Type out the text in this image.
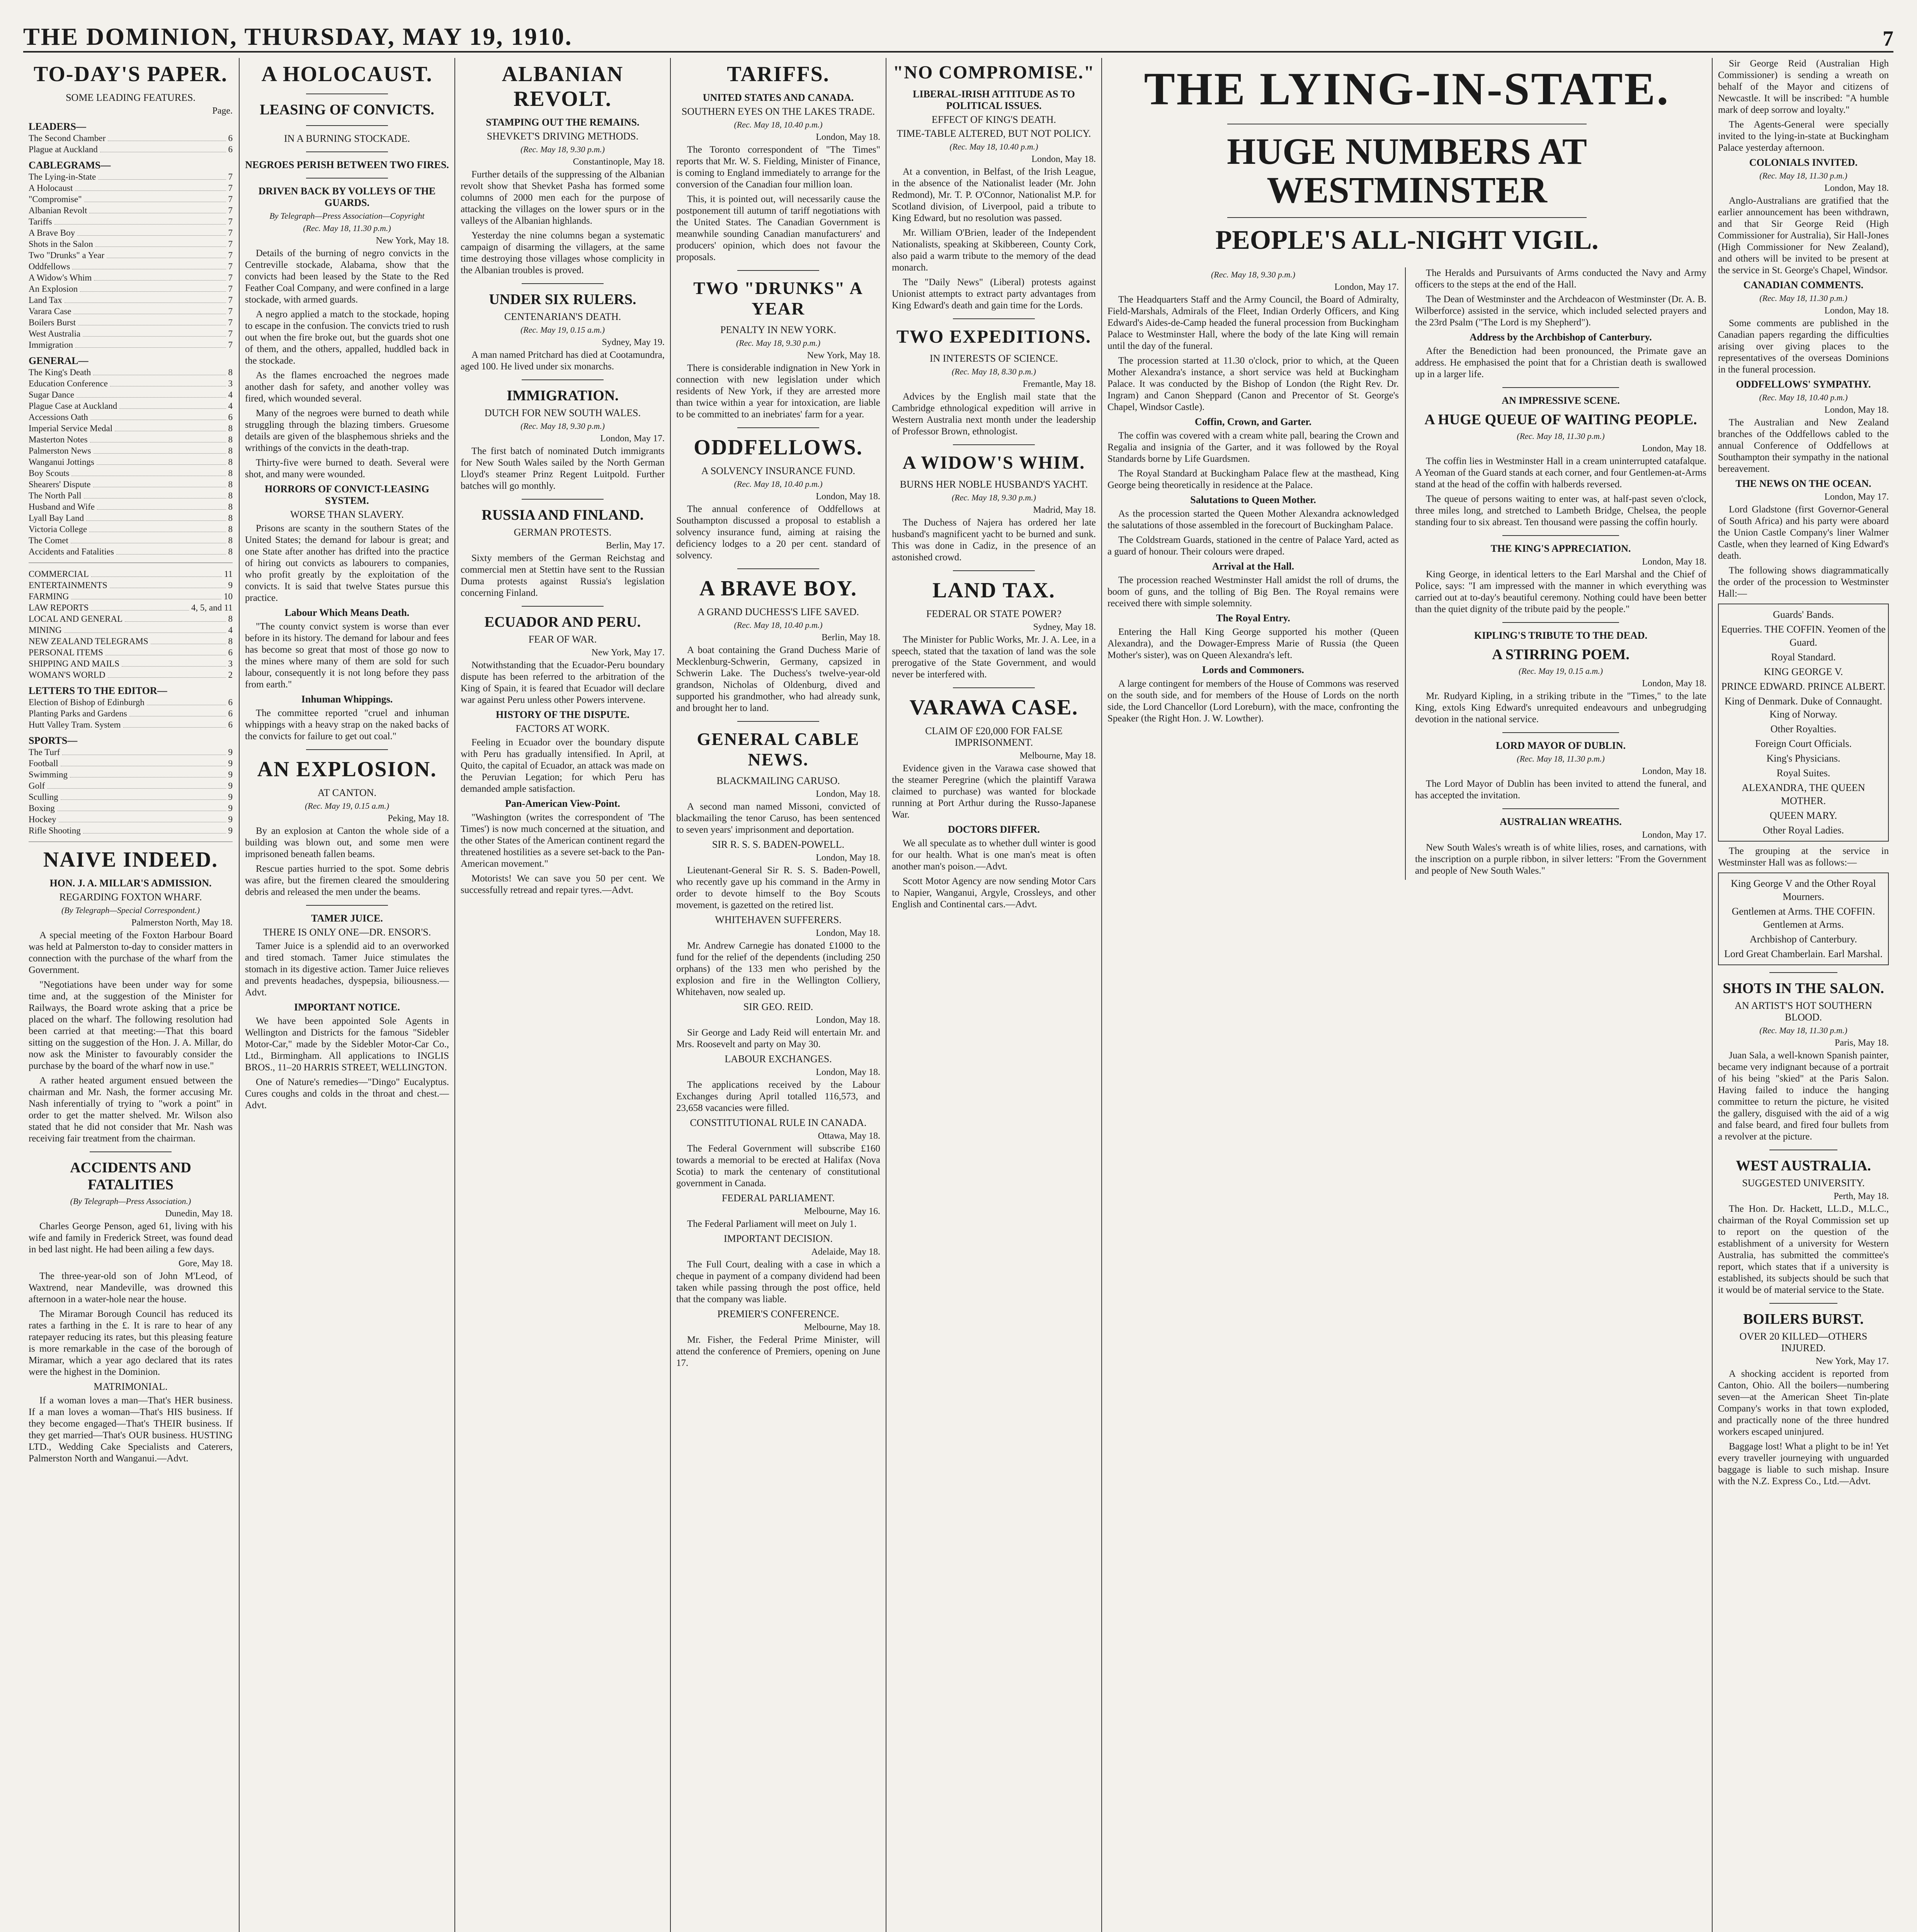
THE DOMINION, THURSDAY, MAY 19, 1910.	7
TO-DAY'S PAPER.
SOME LEADING FEATURES.
Page.
LEADERS—
The Second Chamber	6
Plague at Auckland	6
CABLEGRAMS—
The Lying-in-State	7
A Holocaust	7
"Compromise"	7
Albanian Revolt	7
Tariffs	7
A Brave Boy	7
Shots in the Salon	7
Two "Drunks" a Year	7
Oddfellows	7
A Widow's Whim	7
An Explosion	7
Land Tax	7
Varara Case	7
Boilers Burst	7
West Australia	7
Immigration	7
GENERAL—
The King's Death	8
Education Conference	3
Sugar Dance	4
Plague Case at Auckland	4
Accessions Oath	6
Imperial Service Medal	8
Masterton Notes	8
Palmerston News	8
Wanganui Jottings	8
Boy Scouts	8
Shearers' Dispute	8
The North Pall	8
Husband and Wife	8
Lyall Bay Land	8
Victoria College	8
The Comet	8
Accidents and Fatalities	8
COMMERCIAL	11
ENTERTAINMENTS	9
FARMING	10
LAW REPORTS	4, 5, and 11
LOCAL AND GENERAL	8
MINING	4
NEW ZEALAND TELEGRAMS	8
PERSONAL ITEMS	6
SHIPPING AND MAILS	3
WOMAN'S WORLD	2
LETTERS TO THE EDITOR—
Election of Bishop of Edinburgh	6
Planting Parks and Gardens	6
Hutt Valley Tram. System	6
SPORTS—
The Turf	9
Football	9
Swimming	9
Golf	9
Sculling	9
Boxing	9
Hockey	9
Rifle Shooting	9
NAIVE INDEED.
HON. J. A. MILLAR'S ADMISSION.
REGARDING FOXTON WHARF.
(By Telegraph—Special Correspondent.)
Palmerston North, May 18.

A special meeting of the Foxton Harbour Board was held at Palmerston to-day to consider matters in connection with the purchase of the wharf from the Government.

"Negotiations have been under way for some time and, at the suggestion of the Minister for Railways, the Board wrote asking that a price be placed on the wharf. The following resolution had been carried at that meeting:—That this board sitting on the suggestion of the Hon. J. A. Millar, do now ask the Minister to favourably consider the purchase by the board of the wharf now in use."

A rather heated argument ensued between the chairman and Mr. Nash, the former accusing Mr. Nash inferentially of trying to "work a point" in order to get the matter shelved. Mr. Wilson also stated that he did not consider that Mr. Nash was receiving fair treatment from the chairman.

ACCIDENTS AND FATALITIES
(By Telegraph—Press Association.)
Dunedin, May 18.

Charles George Penson, aged 61, living with his wife and family in Frederick Street, was found dead in bed last night. He had been ailing a few days.

Gore, May 18.

The three-year-old son of John M'Leod, of Waxtrend, near Mandeville, was drowned this afternoon in a water-hole near the house.

The Miramar Borough Council has reduced its rates a farthing in the £. It is rare to hear of any ratepayer reducing its rates, but this pleasing feature is more remarkable in the case of the borough of Miramar, which a year ago declared that its rates were the highest in the Dominion.

MATRIMONIAL.

If a woman loves a man—That's HER business. If a man loves a woman—That's HIS business. If they become engaged—That's THEIR business. If they get married—That's OUR business. HUSTING LTD., Wedding Cake Specialists and Caterers, Palmerston North and Wanganui.—Advt.

A HOLOCAUST.
LEASING OF CONVICTS.
IN A BURNING STOCKADE.
NEGROES PERISH BETWEEN TWO FIRES.
DRIVEN BACK BY VOLLEYS OF THE GUARDS.
By Telegraph—Press Association—Copyright
(Rec. May 18, 11.30 p.m.)
New York, May 18.

Details of the burning of negro convicts in the Centreville stockade, Alabama, show that the convicts had been leased by the State to the Red Feather Coal Company, and were confined in a large stockade, with armed guards.

A negro applied a match to the stockade, hoping to escape in the confusion. The convicts tried to rush out when the fire broke out, but the guards shot one of them, and the others, appalled, huddled back in the stockade.

As the flames encroached the negroes made another dash for safety, and another volley was fired, which wounded several.

Many of the negroes were burned to death while struggling through the blazing timbers. Gruesome details are given of the blasphemous shrieks and the writhings of the convicts in the death-trap.

Thirty-five were burned to death. Several were shot, and many were wounded.

HORRORS OF CONVICT-LEASING SYSTEM.
WORSE THAN SLAVERY.

Prisons are scanty in the southern States of the United States; the demand for labour is great; and one State after another has drifted into the practice of hiring out convicts as labourers to companies, who profit greatly by the exploitation of the convicts. It is said that twelve States pursue this practice.

Labour Which Means Death.

"The county convict system is worse than ever before in its history. The demand for labour and fees has become so great that most of those go now to the mines where many of them are sold for such labour, consequently it is not long before they pass from earth."

Inhuman Whippings.

The committee reported "cruel and inhuman whippings with a heavy strap on the naked backs of the convicts for failure to get out coal."

AN EXPLOSION.
AT CANTON.
(Rec. May 19, 0.15 a.m.)
Peking, May 18.

By an explosion at Canton the whole side of a building was blown out, and some men were imprisoned beneath fallen beams.

Rescue parties hurried to the spot. Some debris was afire, but the firemen cleared the smouldering debris and released the men under the beams.

TAMER JUICE.
THERE IS ONLY ONE—DR. ENSOR'S.

Tamer Juice is a splendid aid to an overworked and tired stomach. Tamer Juice stimulates the stomach in its digestive action. Tamer Juice relieves and prevents headaches, dyspepsia, biliousness.—Advt.

IMPORTANT NOTICE.

We have been appointed Sole Agents in Wellington and Districts for the famous "Sidebler Motor-Car," made by the Sidebler Motor-Car Co., Ltd., Birmingham. All applications to INGLIS BROS., 11–20 HARRIS STREET, WELLINGTON.

One of Nature's remedies—"Dingo" Eucalyptus. Cures coughs and colds in the throat and chest.—Advt.

ALBANIAN REVOLT.
STAMPING OUT THE REMAINS.
SHEVKET'S DRIVING METHODS.
(Rec. May 18, 9.30 p.m.)
Constantinople, May 18.

Further details of the suppressing of the Albanian revolt show that Shevket Pasha has formed some columns of 2000 men each for the purpose of attacking the villages on the lower spurs or in the valleys of the Albanian highlands.

Yesterday the nine columns began a systematic campaign of disarming the villagers, at the same time destroying those villages whose complicity in the Albanian troubles is proved.

UNDER SIX RULERS.
CENTENARIAN'S DEATH.
(Rec. May 19, 0.15 a.m.)
Sydney, May 19.

A man named Pritchard has died at Cootamundra, aged 100. He lived under six monarchs.

IMMIGRATION.
DUTCH FOR NEW SOUTH WALES.
(Rec. May 18, 9.30 p.m.)
London, May 17.

The first batch of nominated Dutch immigrants for New South Wales sailed by the North German Lloyd's steamer Prinz Regent Luitpold. Further batches will go monthly.

RUSSIA AND FINLAND.
GERMAN PROTESTS.
Berlin, May 17.

Sixty members of the German Reichstag and commercial men at Stettin have sent to the Russian Duma protests against Russia's legislation concerning Finland.

ECUADOR AND PERU.
FEAR OF WAR.
New York, May 17.

Notwithstanding that the Ecuador-Peru boundary dispute has been referred to the arbitration of the King of Spain, it is feared that Ecuador will declare war against Peru unless other Powers intervene.

HISTORY OF THE DISPUTE.
FACTORS AT WORK.

Feeling in Ecuador over the boundary dispute with Peru has gradually intensified. In April, at Quito, the capital of Ecuador, an attack was made on the Peruvian Legation; for which Peru has demanded ample satisfaction.

Pan-American View-Point.

"Washington (writes the correspondent of 'The Times') is now much concerned at the situation, and the other States of the American continent regard the threatened hostilities as a severe set-back to the Pan-American movement."

Motorists! We can save you 50 per cent. We successfully retread and repair tyres.—Advt.

TARIFFS.
UNITED STATES AND CANADA.
SOUTHERN EYES ON THE LAKES TRADE.
(Rec. May 18, 10.40 p.m.)
London, May 18.

The Toronto correspondent of "The Times" reports that Mr. W. S. Fielding, Minister of Finance, is coming to England immediately to arrange for the conversion of the Canadian four million loan.

This, it is pointed out, will necessarily cause the postponement till autumn of tariff negotiations with the United States. The Canadian Government is meanwhile sounding Canadian manufacturers' and producers' opinion, which does not favour the proposals.

TWO "DRUNKS" A YEAR
PENALTY IN NEW YORK.
(Rec. May 18, 9.30 p.m.)
New York, May 18.

There is considerable indignation in New York in connection with new legislation under which residents of New York, if they are arrested more than twice within a year for intoxication, are liable to be committed to an inebriates' farm for a year.

ODDFELLOWS.
A SOLVENCY INSURANCE FUND.
(Rec. May 18, 10.40 p.m.)
London, May 18.

The annual conference of Oddfellows at Southampton discussed a proposal to establish a solvency insurance fund, aiming at raising the deficiency lodges to a 20 per cent. standard of solvency.

A BRAVE BOY.
A GRAND DUCHESS'S LIFE SAVED.
(Rec. May 18, 10.40 p.m.)
Berlin, May 18.

A boat containing the Grand Duchess Marie of Mecklenburg-Schwerin, Germany, capsized in Schwerin Lake. The Duchess's twelve-year-old grandson, Nicholas of Oldenburg, dived and supported his grandmother, who had already sunk, and brought her to land.

GENERAL CABLE NEWS.
BLACKMAILING CARUSO.
London, May 18.

A second man named Missoni, convicted of blackmailing the tenor Caruso, has been sentenced to seven years' imprisonment and deportation.

SIR R. S. S. BADEN-POWELL.
London, May 18.

Lieutenant-General Sir R. S. S. Baden-Powell, who recently gave up his command in the Army in order to devote himself to the Boy Scouts movement, is gazetted on the retired list.

WHITEHAVEN SUFFERERS.
London, May 18.

Mr. Andrew Carnegie has donated £1000 to the fund for the relief of the dependents (including 250 orphans) of the 133 men who perished by the explosion and fire in the Wellington Colliery, Whitehaven, now sealed up.

SIR GEO. REID.
London, May 18.

Sir George and Lady Reid will entertain Mr. and Mrs. Roosevelt and party on May 30.

LABOUR EXCHANGES.
London, May 18.

The applications received by the Labour Exchanges during April totalled 116,573, and 23,658 vacancies were filled.

CONSTITUTIONAL RULE IN CANADA.
Ottawa, May 18.

The Federal Government will subscribe £160 towards a memorial to be erected at Halifax (Nova Scotia) to mark the centenary of constitutional government in Canada.

FEDERAL PARLIAMENT.
Melbourne, May 16.

The Federal Parliament will meet on July 1.

IMPORTANT DECISION.
Adelaide, May 18.

The Full Court, dealing with a case in which a cheque in payment of a company dividend had been taken while passing through the post office, held that the company was liable.

PREMIER'S CONFERENCE.
Melbourne, May 18.

Mr. Fisher, the Federal Prime Minister, will attend the conference of Premiers, opening on June 17.

"NO COMPROMISE."
LIBERAL-IRISH ATTITUDE AS TO POLITICAL ISSUES.
EFFECT OF KING'S DEATH.
TIME-TABLE ALTERED, BUT NOT POLICY.
(Rec. May 18, 10.40 p.m.)
London, May 18.

At a convention, in Belfast, of the Irish League, in the absence of the Nationalist leader (Mr. John Redmond), Mr. T. P. O'Connor, Nationalist M.P. for Scotland division, of Liverpool, paid a tribute to King Edward, but no resolution was passed.

Mr. William O'Brien, leader of the Independent Nationalists, speaking at Skibbereen, County Cork, also paid a warm tribute to the memory of the dead monarch.

The "Daily News" (Liberal) protests against Unionist attempts to extract party advantages from King Edward's death and gain time for the Lords.

TWO EXPEDITIONS.
IN INTERESTS OF SCIENCE.
(Rec. May 18, 8.30 p.m.)
Fremantle, May 18.

Advices by the English mail state that the Cambridge ethnological expedition will arrive in Western Australia next month under the leadership of Professor Brown, ethnologist.

A WIDOW'S WHIM.
BURNS HER NOBLE HUSBAND'S YACHT.
(Rec. May 18, 9.30 p.m.)
Madrid, May 18.

The Duchess of Najera has ordered her late husband's magnificent yacht to be burned and sunk. This was done in Cadiz, in the presence of an astonished crowd.

LAND TAX.
FEDERAL OR STATE POWER?
Sydney, May 18.

The Minister for Public Works, Mr. J. A. Lee, in a speech, stated that the taxation of land was the sole prerogative of the State Government, and would never be interfered with.

VARAWA CASE.
CLAIM OF £20,000 FOR FALSE IMPRISONMENT.
Melbourne, May 18.

Evidence given in the Varawa case showed that the steamer Peregrine (which the plaintiff Varawa claimed to purchase) was wanted for blockade running at Port Arthur during the Russo-Japanese War.

DOCTORS DIFFER.

We all speculate as to whether dull winter is good for our health. What is one man's meat is often another man's poison.—Advt.

Scott Motor Agency are now sending Motor Cars to Napier, Wanganui, Argyle, Crossleys, and other English and Continental cars.—Advt.

THE LYING-IN-STATE.
HUGE NUMBERS AT WESTMINSTER
PEOPLE'S ALL-NIGHT VIGIL.
(Rec. May 18, 9.30 p.m.)
London, May 17.

The Headquarters Staff and the Army Council, the Board of Admiralty, Field-Marshals, Admirals of the Fleet, Indian Orderly Officers, and King Edward's Aides-de-Camp headed the funeral procession from Buckingham Palace to Westminster Hall, where the body of the late King will remain until the day of the funeral.

The procession started at 11.30 o'clock, prior to which, at the Queen Mother Alexandra's instance, a short service was held at Buckingham Palace. It was conducted by the Bishop of London (the Right Rev. Dr. Ingram) and Canon Sheppard (Canon and Precentor of St. George's Chapel, Windsor Castle).

Coffin, Crown, and Garter.

The coffin was covered with a cream white pall, bearing the Crown and Regalia and insignia of the Garter, and it was followed by the Royal Standards borne by Life Guardsmen.

The Royal Standard at Buckingham Palace flew at the masthead, King George being theoretically in residence at the Palace.

Salutations to Queen Mother.

As the procession started the Queen Mother Alexandra acknowledged the salutations of those assembled in the forecourt of Buckingham Palace.

The Coldstream Guards, stationed in the centre of Palace Yard, acted as a guard of honour. Their colours were draped.

Arrival at the Hall.

The procession reached Westminster Hall amidst the roll of drums, the boom of guns, and the tolling of Big Ben. The Royal remains were received there with simple solemnity.

The Royal Entry.

Entering the Hall King George supported his mother (Queen Alexandra), and the Dowager-Empress Marie of Russia (the Queen Mother's sister), was on Queen Alexandra's left.

Lords and Commoners.

A large contingent for members of the House of Commons was reserved on the south side, and for members of the House of Lords on the north side, the Lord Chancellor (Lord Loreburn), with the mace, confronting the Speaker (the Right Hon. J. W. Lowther).

The Heralds and Pursuivants of Arms conducted the Navy and Army officers to the steps at the end of the Hall.

The Dean of Westminster and the Archdeacon of Westminster (Dr. A. B. Wilberforce) assisted in the service, which included selected prayers and the 23rd Psalm ("The Lord is my Shepherd").

Address by the Archbishop of Canterbury.

After the Benediction had been pronounced, the Primate gave an address. He emphasised the point that for a Christian death is swallowed up in a larger life.

AN IMPRESSIVE SCENE.
A HUGE QUEUE OF WAITING PEOPLE.
(Rec. May 18, 11.30 p.m.)
London, May 18.

The coffin lies in Westminster Hall in a cream uninterrupted catafalque. A Yeoman of the Guard stands at each corner, and four Gentlemen-at-Arms stand at the head of the coffin with halberds reversed.

The queue of persons waiting to enter was, at half-past seven o'clock, three miles long, and stretched to Lambeth Bridge, Chelsea, the people standing four to six abreast. Ten thousand were passing the coffin hourly.

THE KING'S APPRECIATION.
London, May 18.

King George, in identical letters to the Earl Marshal and the Chief of Police, says: "I am impressed with the manner in which everything was carried out at to-day's beautiful ceremony. Nothing could have been better than the quiet dignity of the tribute paid by the people."

KIPLING'S TRIBUTE TO THE DEAD.
A STIRRING POEM.
(Rec. May 19, 0.15 a.m.)
London, May 18.

Mr. Rudyard Kipling, in a striking tribute in the "Times," to the late King, extols King Edward's unrequited endeavours and unbegrudging devotion in the national service.

LORD MAYOR OF DUBLIN.
(Rec. May 18, 11.30 p.m.)
London, May 18.

The Lord Mayor of Dublin has been invited to attend the funeral, and has accepted the invitation.

AUSTRALIAN WREATHS.
London, May 17.

New South Wales's wreath is of white lilies, roses, and carnations, with the inscription on a purple ribbon, in silver letters: "From the Government and people of New South Wales."

Sir George Reid (Australian High Commissioner) is sending a wreath on behalf of the Mayor and citizens of Newcastle. It will be inscribed: "A humble mark of deep sorrow and loyalty."

The Agents-General were specially invited to the lying-in-state at Buckingham Palace yesterday afternoon.

COLONIALS INVITED.
(Rec. May 18, 11.30 p.m.)
London, May 18.

Anglo-Australians are gratified that the earlier announcement has been withdrawn, and that Sir George Reid (High Commissioner for Australia), Sir Hall-Jones (High Commissioner for New Zealand), and others will be invited to be present at the service in St. George's Chapel, Windsor.

CANADIAN COMMENTS.
(Rec. May 18, 11.30 p.m.)
London, May 18.

Some comments are published in the Canadian papers regarding the difficulties arising over giving places to the representatives of the overseas Dominions in the funeral procession.

ODDFELLOWS' SYMPATHY.
(Rec. May 18, 10.40 p.m.)
London, May 18.

The Australian and New Zealand branches of the Oddfellows cabled to the annual Conference of Oddfellows at Southampton their sympathy in the national bereavement.

THE NEWS ON THE OCEAN.
London, May 17.

Lord Gladstone (first Governor-General of South Africa) and his party were aboard the Union Castle Company's liner Walmer Castle, when they learned of King Edward's death.

The following shows diagrammatically the order of the procession to Westminster Hall:—

Guards' Bands.
Equerries. THE COFFIN. Yeomen of the Guard.
Royal Standard.
KING GEORGE V.
PRINCE EDWARD. PRINCE ALBERT.
King of Denmark. Duke of Connaught. King of Norway.
Other Royalties.
Foreign Court Officials.
King's Physicians.
Royal Suites.
ALEXANDRA, THE QUEEN MOTHER.
QUEEN MARY.
Other Royal Ladies.

The grouping at the service in Westminster Hall was as follows:—

King George V and the Other Royal Mourners.
Gentlemen at Arms. THE COFFIN. Gentlemen at Arms.
Archbishop of Canterbury.
Lord Great Chamberlain. Earl Marshal.
SHOTS IN THE SALON.
AN ARTIST'S HOT SOUTHERN BLOOD.
(Rec. May 18, 11.30 p.m.)
Paris, May 18.

Juan Sala, a well-known Spanish painter, became very indignant because of a portrait of his being "skied" at the Paris Salon. Having failed to induce the hanging committee to return the picture, he visited the gallery, disguised with the aid of a wig and false beard, and fired four bullets from a revolver at the picture.

WEST AUSTRALIA.
SUGGESTED UNIVERSITY.
Perth, May 18.

The Hon. Dr. Hackett, LL.D., M.L.C., chairman of the Royal Commission set up to report on the question of the establishment of a university for Western Australia, has submitted the committee's report, which states that if a university is established, its subjects should be such that it would be of material service to the State.

BOILERS BURST.
OVER 20 KILLED—OTHERS INJURED.
New York, May 17.

A shocking accident is reported from Canton, Ohio. All the boilers—numbering seven—at the American Sheet Tin-plate Company's works in that town exploded, and practically none of the three hundred workers escaped uninjured.

Baggage lost! What a plight to be in! Yet every traveller journeying with unguarded baggage is liable to such mishap. Insure with the N.Z. Express Co., Ltd.—Advt.
